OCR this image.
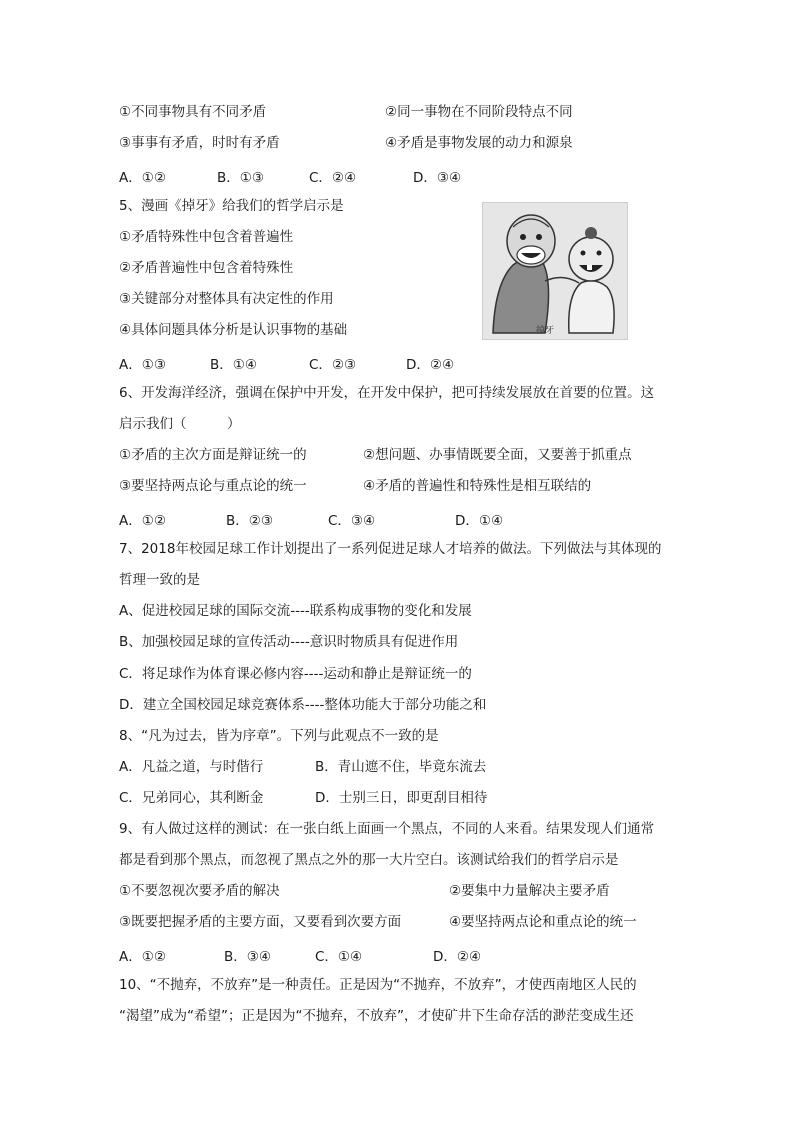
①不同事物具有不同矛盾	②同一事物在不同阶段特点不同
③事事有矛盾，时时有矛盾	④矛盾是事物发展的动力和源泉
A．①②	B．①③	C．②④	D．③④
5、漫画《掉牙》给我们的哲学启示是
①矛盾特殊性中包含着普遍性
②矛盾普遍性中包含着特殊性
③关键部分对整体具有决定性的作用
④具体问题具体分析是认识事物的基础	掉牙
A．①③	B．①④	C．②③	D．②④
6、开发海洋经济，强调在保护中开发，在开发中保护，把可持续发展放在首要的位置。这
启示我们（　　　）
①矛盾的主次方面是辩证统一的	②想问题、办事情既要全面，又要善于抓重点
③要坚持两点论与重点论的统一	④矛盾的普遍性和特殊性是相互联结的
A．①②	B．②③	C．③④	D．①④
7、2018年校园足球工作计划提出了一系列促进足球人才培养的做法。下列做法与其体现的
哲理一致的是
A、促进校园足球的国际交流----联系构成事物的变化和发展
B、加强校园足球的宣传活动----意识时物质具有促进作用
C．将足球作为体育课必修内容----运动和静止是辩证统一的
D．建立全国校园足球竞赛体系----整体功能大于部分功能之和
8、“凡为过去，皆为序章”。下列与此观点不一致的是
A．凡益之道，与时偕行	B．青山遮不住，毕竟东流去
C．兄弟同心，其利断金	D．士别三日，即更刮目相待
9、有人做过这样的测试：在一张白纸上面画一个黑点，不同的人来看。结果发现人们通常
都是看到那个黑点，而忽视了黑点之外的那一大片空白。该测试给我们的哲学启示是
①不要忽视次要矛盾的解决	②要集中力量解决主要矛盾
③既要把握矛盾的主要方面，又要看到次要方面	④要坚持两点论和重点论的统一
A．①②	B．③④	C．①④	D．②④
10、“不抛弃，不放弃”是一种责任。正是因为“不抛弃，不放弃”，才使西南地区人民的
“渴望”成为“希望”；正是因为“不抛弃，不放弃”，才使矿井下生命存活的渺茫变成生还
